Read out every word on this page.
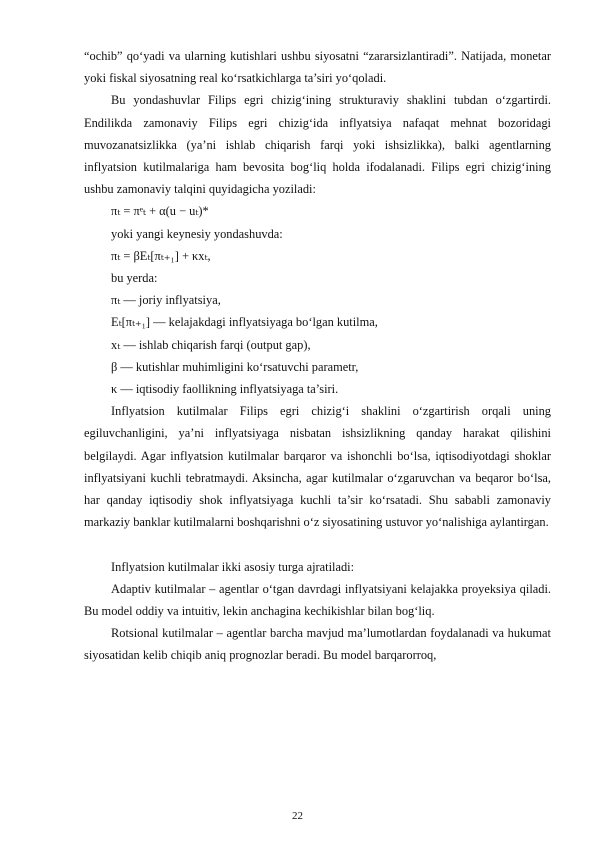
“ochib” qo‘yadi va ularning kutishlari ushbu siyosatni “zararsizlantiradi”. Natijada, monetar yoki fiskal siyosatning real ko‘rsatkichlarga ta’siri yo‘qoladi.

Bu yondashuvlar Filips egri chizig‘ining strukturaviy shaklini tubdan o‘zgartirdi. Endilikda zamonaviy Filips egri chizig‘ida inflyatsiya nafaqat mehnat bozoridagi muvozanatsizlikka (ya’ni ishlab chiqarish farqi yoki ishsizlikka), balki agentlarning inflyatsion kutilmalariga ham bevosita bog‘liq holda ifodalanadi. Filips egri chizig‘ining ushbu zamonaviy talqini quyidagicha yoziladi:

πₜ = πᵉₜ + α(u − uₜ)*

yoki yangi keynesiy yondashuvda:

πₜ = βEₜ[πₜ₊₁] + κxₜ,

bu yerda:

πₜ — joriy inflyatsiya,

Eₜ[πₜ₊₁] — kelajakdagi inflyatsiyaga bo‘lgan kutilma,

xₜ — ishlab chiqarish farqi (output gap),

β — kutishlar muhimligini ko‘rsatuvchi parametr,

κ — iqtisodiy faollikning inflyatsiyaga ta’siri.

Inflyatsion kutilmalar Filips egri chizig‘i shaklini o‘zgartirish orqali uning egiluvchanligini, ya’ni inflyatsiyaga nisbatan ishsizlikning qanday harakat qilishini belgilaydi. Agar inflyatsion kutilmalar barqaror va ishonchli bo‘lsa, iqtisodiyotdagi shoklar inflyatsiyani kuchli tebratmaydi. Aksincha, agar kutilmalar o‘zgaruvchan va beqaror bo‘lsa, har qanday iqtisodiy shok inflyatsiyaga kuchli ta’sir ko‘rsatadi. Shu sababli zamonaviy markaziy banklar kutilmalarni boshqarishni o‘z siyosatining ustuvor yo‘nalishiga aylantirgan.

Inflyatsion kutilmalar ikki asosiy turga ajratiladi:

Adaptiv kutilmalar – agentlar o‘tgan davrdagi inflyatsiyani kelajakka proyeksiya qiladi. Bu model oddiy va intuitiv, lekin anchagina kechikishlar bilan bog‘liq.

Rotsional kutilmalar – agentlar barcha mavjud ma’lumotlardan foydalanadi va hukumat siyosatidan kelib chiqib aniq prognozlar beradi. Bu model barqarorroq,

22
